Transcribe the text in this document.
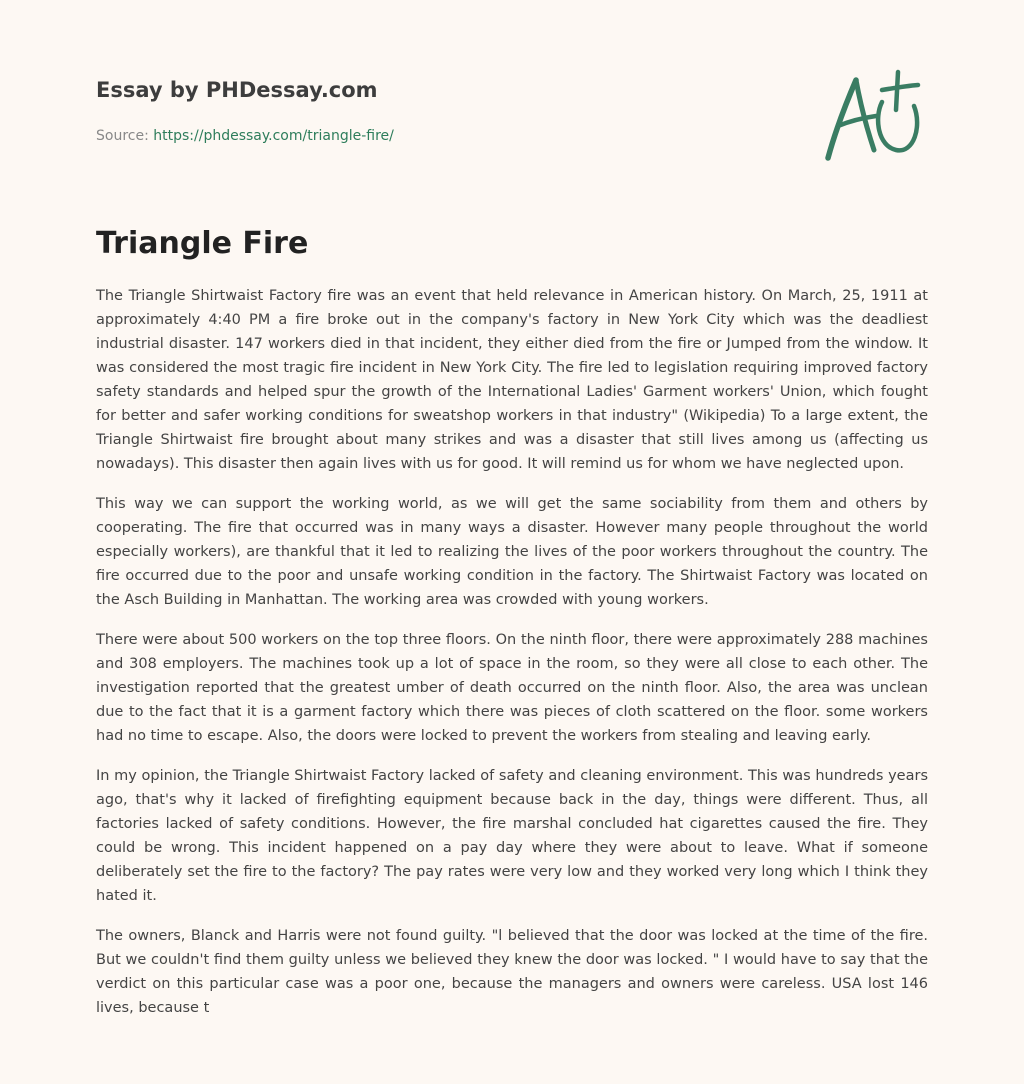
Essay by PHDessay.com
Source: https://phdessay.com/triangle-fire/
Triangle Fire

The Triangle Shirtwaist Factory fire was an event that held relevance in American history. On March, 25, 1911 at approximately 4:40 PM a fire broke out in the company's factory in New York City which was the deadliest industrial disaster. 147 workers died in that incident, they either died from the fire or Jumped from the window. It was considered the most tragic fire incident in New York City. The fire led to legislation requiring improved factory safety standards and helped spur the growth of the International Ladies' Garment workers' Union, which fought for better and safer working conditions for sweatshop workers in that industry" (Wikipedia) To a large extent, the Triangle Shirtwaist fire brought about many strikes and was a disaster that still lives among us (affecting us nowadays). This disaster then again lives with us for good. It will remind us for whom we have neglected upon.

This way we can support the working world, as we will get the same sociability from them and others by cooperating. The fire that occurred was in many ways a disaster. However many people throughout the world especially workers), are thankful that it led to realizing the lives of the poor workers throughout the country. The fire occurred due to the poor and unsafe working condition in the factory. The Shirtwaist Factory was located on the Asch Building in Manhattan. The working area was crowded with young workers.

There were about 500 workers on the top three floors. On the ninth floor, there were approximately 288 machines and 308 employers. The machines took up a lot of space in the room, so they were all close to each other. The investigation reported that the greatest umber of death occurred on the ninth floor. Also, the area was unclean due to the fact that it is a garment factory which there was pieces of cloth scattered on the floor. some workers had no time to escape. Also, the doors were locked to prevent the workers from stealing and leaving early.

In my opinion, the Triangle Shirtwaist Factory lacked of safety and cleaning environment. This was hundreds years ago, that's why it lacked of firefighting equipment because back in the day, things were different. Thus, all factories lacked of safety conditions. However, the fire marshal concluded hat cigarettes caused the fire. They could be wrong. This incident happened on a pay day where they were about to leave. What if someone deliberately set the fire to the factory? The pay rates were very low and they worked very long which I think they hated it.

The owners, Blanck and Harris were not found guilty. "l believed that the door was locked at the time of the fire. But we couldn't find them guilty unless we believed they knew the door was locked. " I would have to say that the verdict on this particular case was a poor one, because the managers and owners were careless. USA lost 146 lives, because t
